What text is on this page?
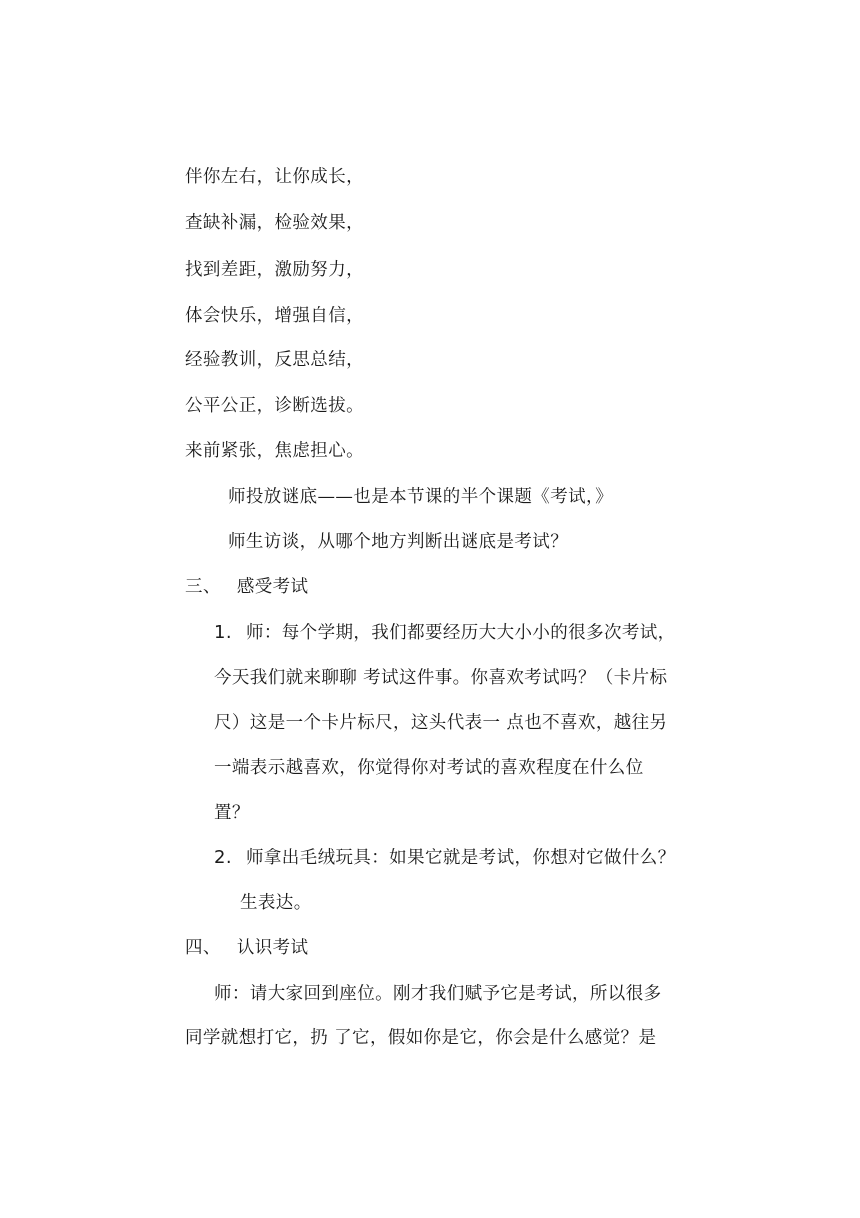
伴你左右，让你成长，
查缺补漏，检验效果，
找到差距，激励努力，
体会快乐，增强自信，
经验教训，反思总结，
公平公正，诊断选拔。
来前紧张，焦虑担心。
师投放谜底——也是本节课的半个课题《考试，》
师生访谈，从哪个地方判断出谜底是考试？
三、 感受考试
1. 师：每个学期，我们都要经历大大小小的很多次考试，
今天我们就来聊聊 考试这件事。你喜欢考试吗？（卡片标
尺）这是一个卡片标尺，这头代表一 点也不喜欢，越往另
一端表示越喜欢，你觉得你对考试的喜欢程度在什么位
置？
2. 师拿出毛绒玩具：如果它就是考试，你想对它做什么？
生表达。
四、 认识考试
师：请大家回到座位。刚才我们赋予它是考试，所以很多
同学就想打它，扔 了它，假如你是它，你会是什么感觉？是
